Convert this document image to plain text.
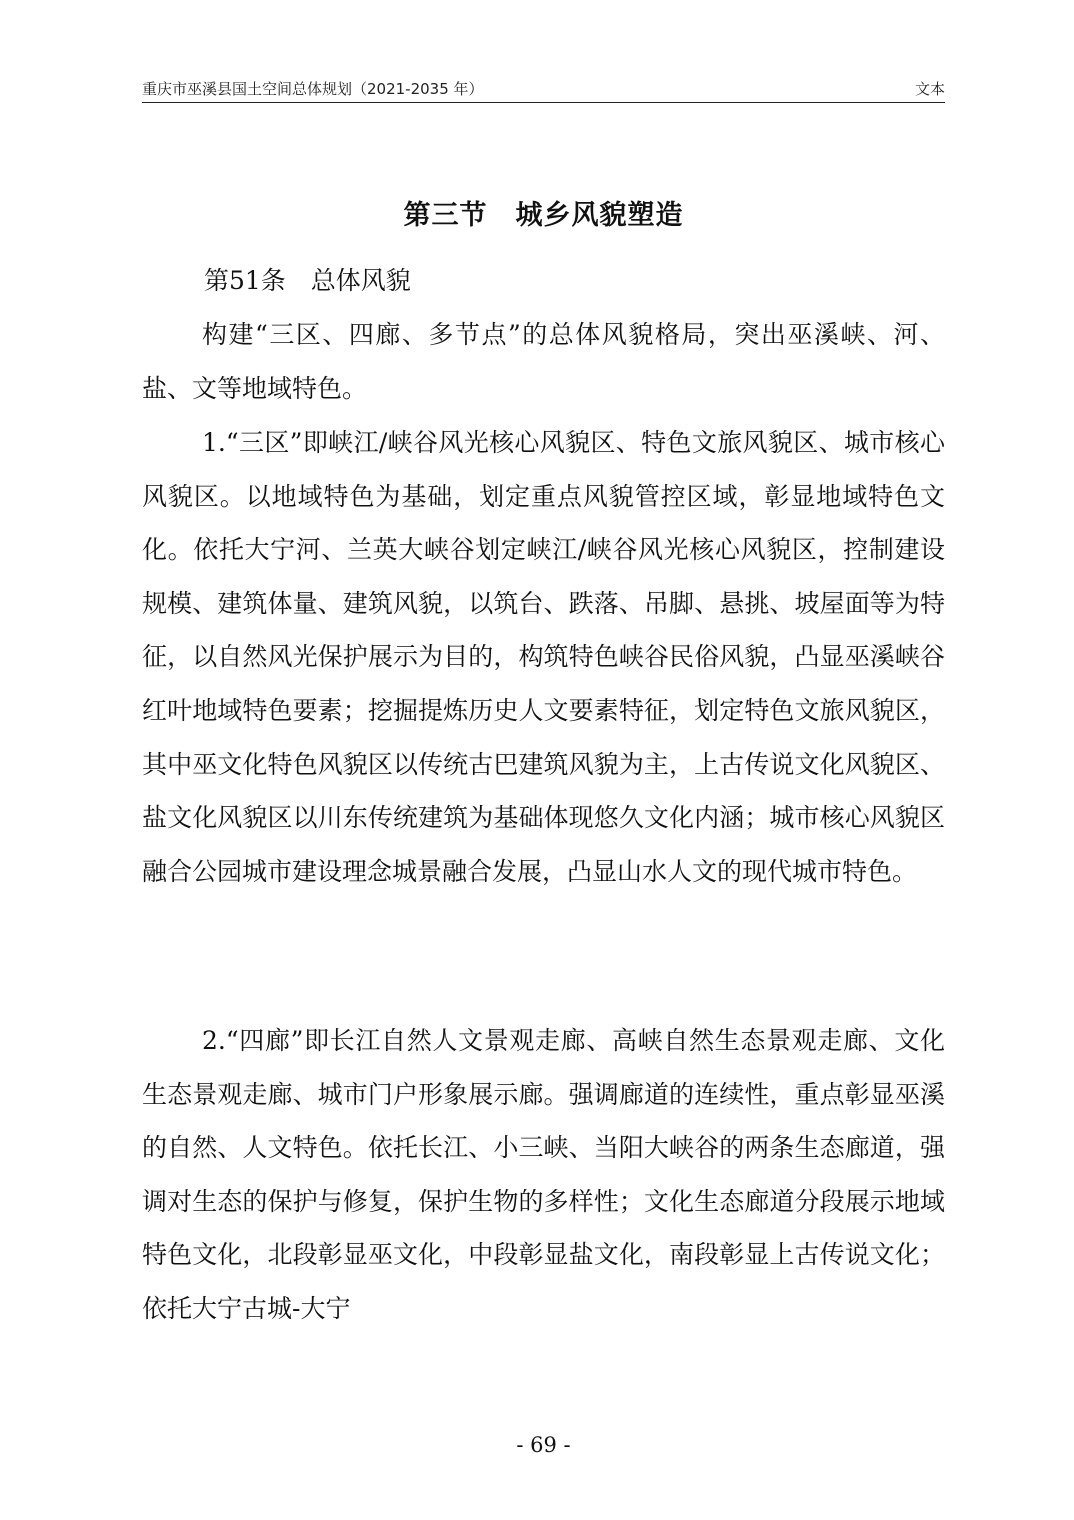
重庆市巫溪县国土空间总体规划（2021-2035 年）	文本
第三节　城乡风貌塑造
第51条　总体风貌

构建“三区、四廊、多节点”的总体风貌格局，突出巫溪峡、河、盐、文等地域特色。

1.“三区”即峡江/峡谷风光核心风貌区、特色文旅风貌区、城市核心风貌区。以地域特色为基础，划定重点风貌管控区域，彰显地域特色文化。依托大宁河、兰英大峡谷划定峡江/峡谷风光核心风貌区，控制建设规模、建筑体量、建筑风貌，以筑台、跌落、吊脚、悬挑、坡屋面等为特征，以自然风光保护展示为目的，构筑特色峡谷民俗风貌，凸显巫溪峡谷红叶地域特色要素；挖掘提炼历史人文要素特征，划定特色文旅风貌区，其中巫文化特色风貌区以传统古巴建筑风貌为主，上古传说文化风貌区、盐文化风貌区以川东传统建筑为基础体现悠久文化内涵；城市核心风貌区融合公园城市建设理念城景融合发展，凸显山水人文的现代城市特色。

2.“四廊”即长江自然人文景观走廊、高峡自然生态景观走廊、文化生态景观走廊、城市门户形象展示廊。强调廊道的连续性，重点彰显巫溪的自然、人文特色。依托长江、小三峡、当阳大峡谷的两条生态廊道，强调对生态的保护与修复，保护生物的多样性；文化生态廊道分段展示地域特色文化，北段彰显巫文化，中段彰显盐文化，南段彰显上古传说文化；依托大宁古城-大宁

- 69 -
